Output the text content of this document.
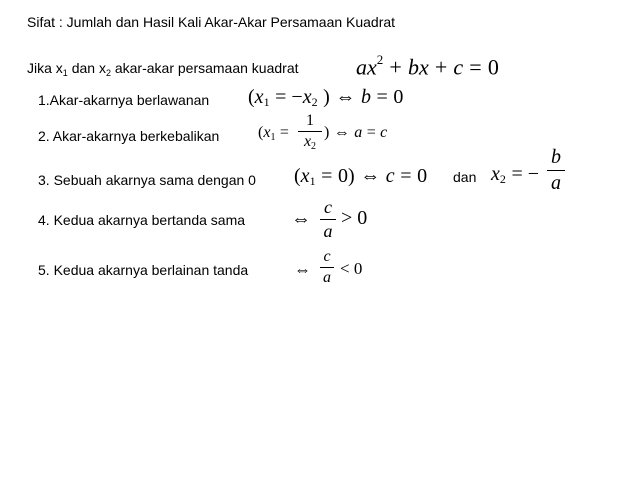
Sifat : Jumlah dan Hasil Kali Akar-Akar Persamaan Kuadrat
Jika $x_1$ dan $x_2$ akar-akar persamaan kuadrat	$ax^2$ + bx + c = 0
1.Akar-akarnya berlawanan ($x_1 = -x_2$ ) ⇔ b = 0
2. Akar-akarnya berkebalikan ($x_1$ =
1
$x_2$
) ⇔ a = c
3. Sebuah akarnya sama dengan 0 $(x_1 = 0)$ ⇔ c = 0 dan $x_2$ = −
b
a
4. Kedua akarnya bertanda sama ⇔
c
a
> 0
5. Kedua akarnya berlainan tanda	⇔
c
a < 0
